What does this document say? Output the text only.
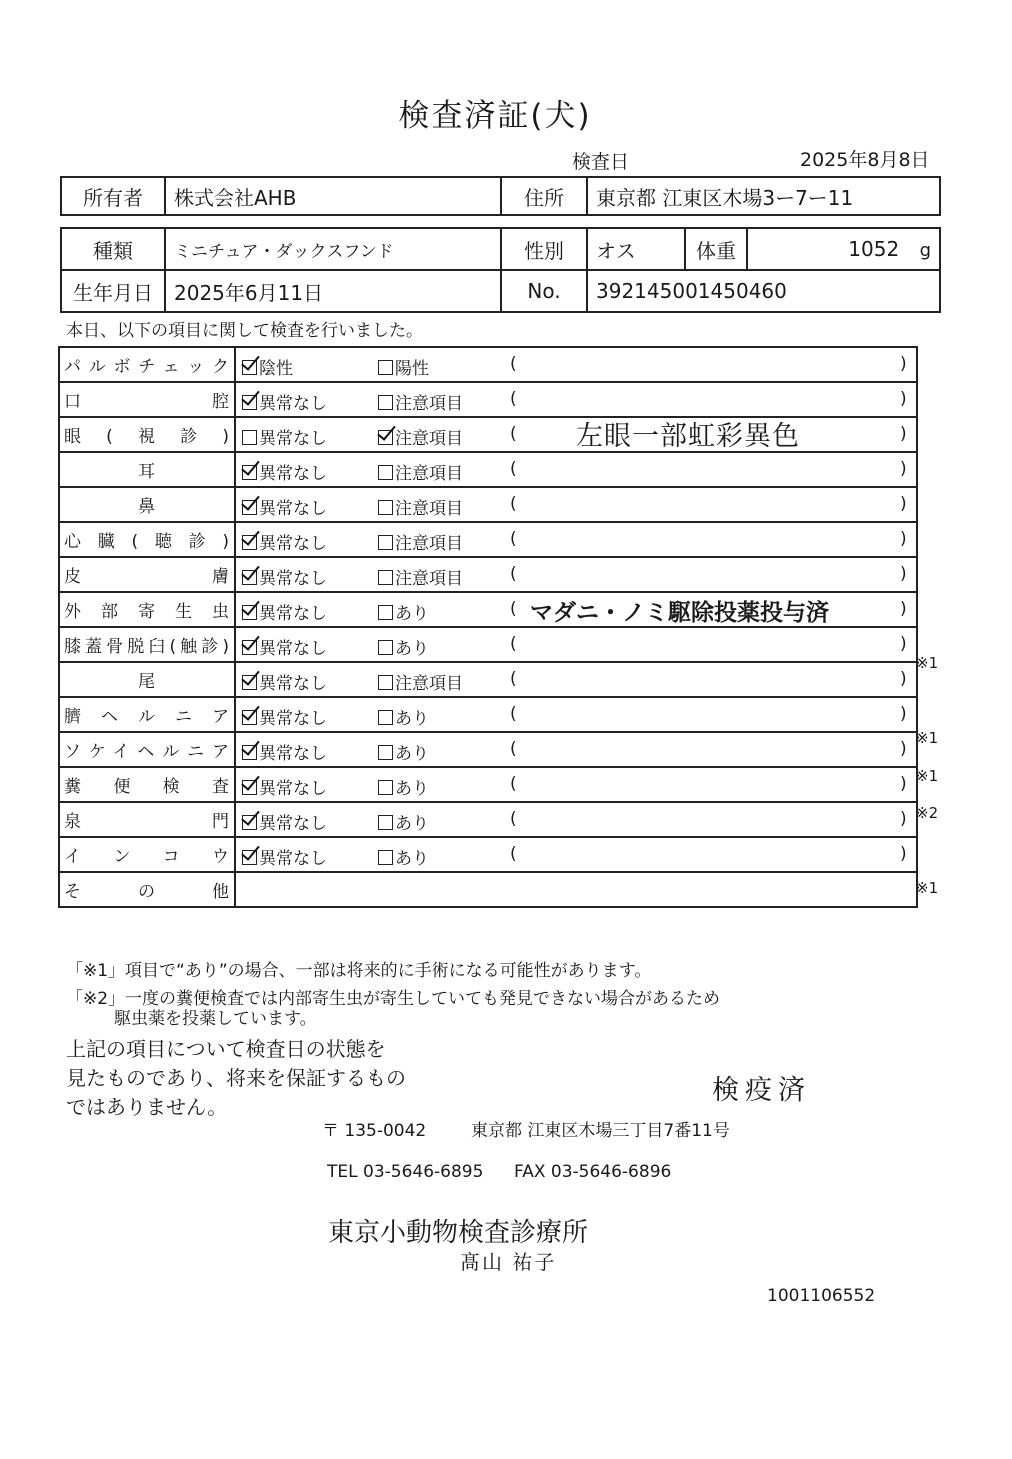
検査済証(犬)
検査日	2025年8月8日
所有者	株式会社AHB	住所	東京都 江東区木場3ー7ー11
種類	ミニチュア・ダックスフンド	性別	オス	体重	1052 g
生年月日	2025年6月11日	No.	392145001450460		
本日、以下の項目に関して検査を行いました。
パルボチェック	陰性 陽性 ( )

口腔	異常なし 注意項目 ( )

眼(視診)	異常なし 注意項目 ( 左眼一部虹彩異色 )

耳	異常なし 注意項目 ( )

鼻	異常なし 注意項目 ( )

心臓(聴診)	異常なし 注意項目 ( )

皮膚	異常なし 注意項目 ( )

外部寄生虫	異常なし あり ( マダニ・ノミ駆除投薬投与済 )

膝蓋骨脱臼(触診)	異常なし あり ( )

尾	異常なし 注意項目 ( )

臍ヘルニア	異常なし あり ( )

ソケイヘルニア	異常なし あり ( )

糞便検査	異常なし あり ( )

泉門	異常なし あり ( )

インコウ	異常なし あり ( )

その他	
「※1」項目で“あり”の場合、一部は将来的に手術になる可能性があります。
「※2」一度の糞便検査では内部寄生虫が寄生していても発見できない場合があるため
駆虫薬を投薬しています。
上記の項目について検査日の状態を
見たものであり、将来を保証するもの
ではありません。
検疫済
〒 135-0042	東京都 江東区木場三丁目7番11号
TEL 03-5646-6895 FAX 03-5646-6896
東京小動物検査診療所
髙山 祐子
1001106552
※1
※1
※1
※2
※1
